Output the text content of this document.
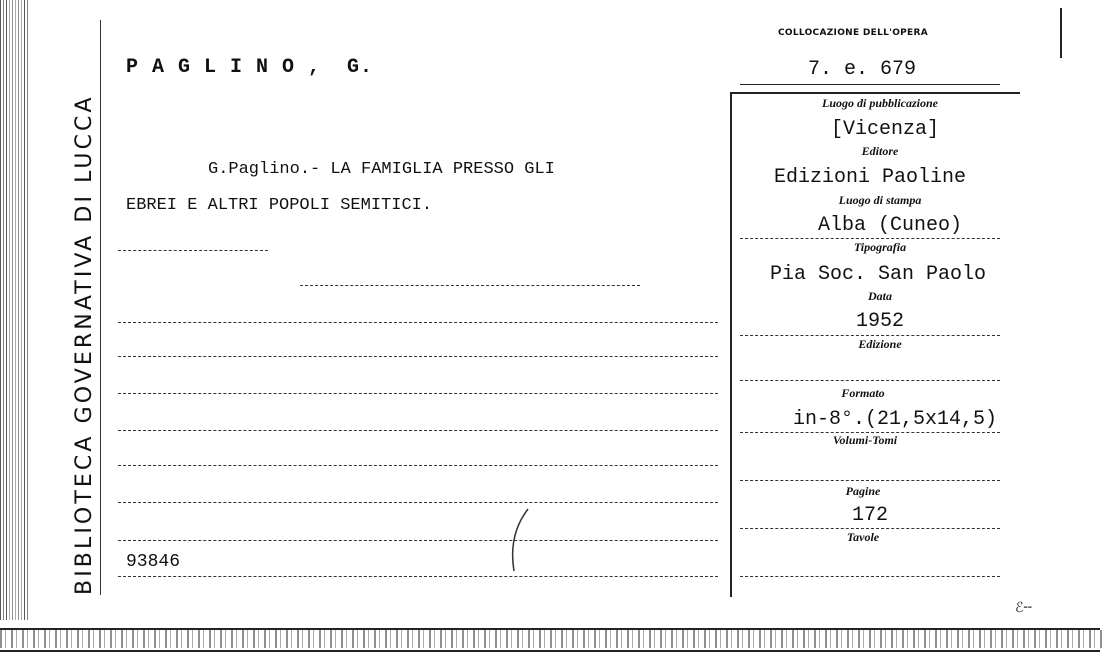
BIBLIOTECA GOVERNATIVA DI LUCCA
P A G L I N O ,  G.
G.Paglino.- LA FAMIGLIA PRESSO GLI
EBREI E ALTRI POPOLI SEMITICI.
93846
COLLOCAZIONE DELL'OPERA
7. e. 679
Luogo di pubblicazione
[Vicenza]
Editore
Edizioni Paoline
Luogo di stampa
Alba (Cuneo)
Tipografia
Pia Soc. San Paolo
Data
1952
Edizione
Formato
in-8°.(21,5x14,5)
Volumi-Tomi
Pagine
172
Tavole
ℰ╌
